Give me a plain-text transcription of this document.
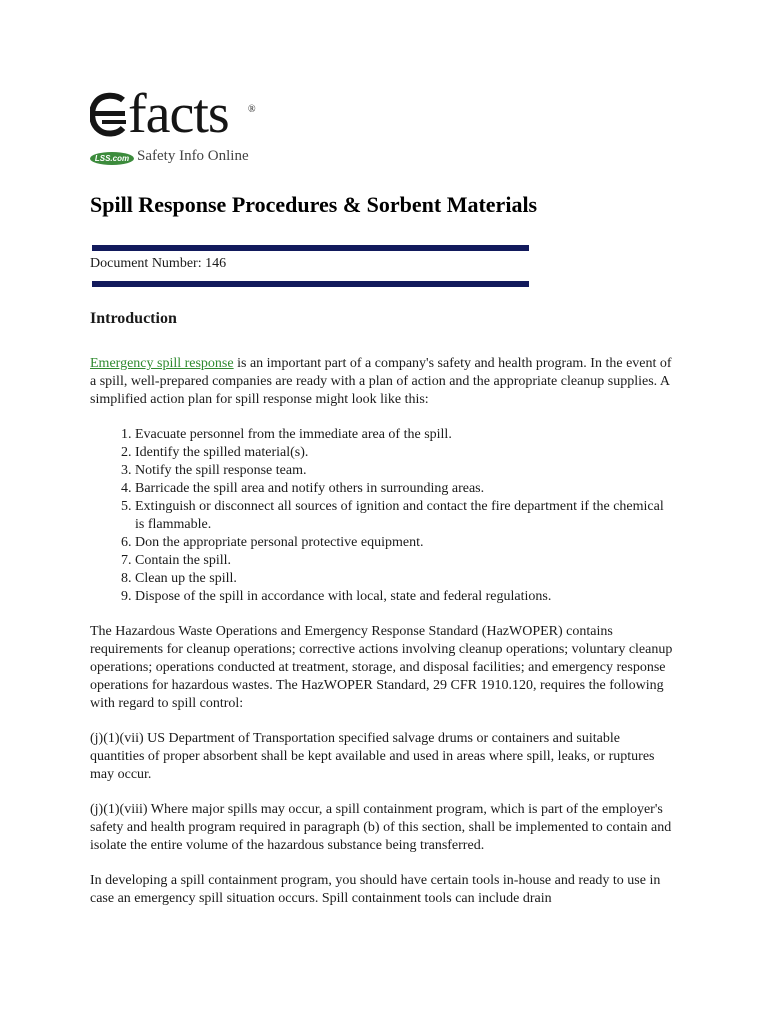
facts ®
LSS.com Safety Info Online
Spill Response Procedures & Sorbent Materials
Document Number: 146
Introduction

Emergency spill response is an important part of a company's safety and health program. In the event of a spill, well-prepared companies are ready with a plan of action and the appropriate cleanup supplies. A simplified action plan for spill response might look like this:

1. Evacuate personnel from the immediate area of the spill.
2. Identify the spilled material(s).
3. Notify the spill response team.
4. Barricade the spill area and notify others in surrounding areas.
5. Extinguish or disconnect all sources of ignition and contact the fire department if the chemical is flammable.
6. Don the appropriate personal protective equipment.
7. Contain the spill.
8. Clean up the spill.
9. Dispose of the spill in accordance with local, state and federal regulations.

The Hazardous Waste Operations and Emergency Response Standard (HazWOPER) contains requirements for cleanup operations; corrective actions involving cleanup operations; voluntary cleanup operations; operations conducted at treatment, storage, and disposal facilities; and emergency response operations for hazardous wastes. The HazWOPER Standard, 29 CFR 1910.120, requires the following with regard to spill control:

(j)(1)(vii) US Department of Transportation specified salvage drums or containers and suitable quantities of proper absorbent shall be kept available and used in areas where spill, leaks, or ruptures may occur.

(j)(1)(viii) Where major spills may occur, a spill containment program, which is part of the employer's safety and health program required in paragraph (b) of this section, shall be implemented to contain and isolate the entire volume of the hazardous substance being transferred.

In developing a spill containment program, you should have certain tools in-house and ready to use in case an emergency spill situation occurs. Spill containment tools can include drain
